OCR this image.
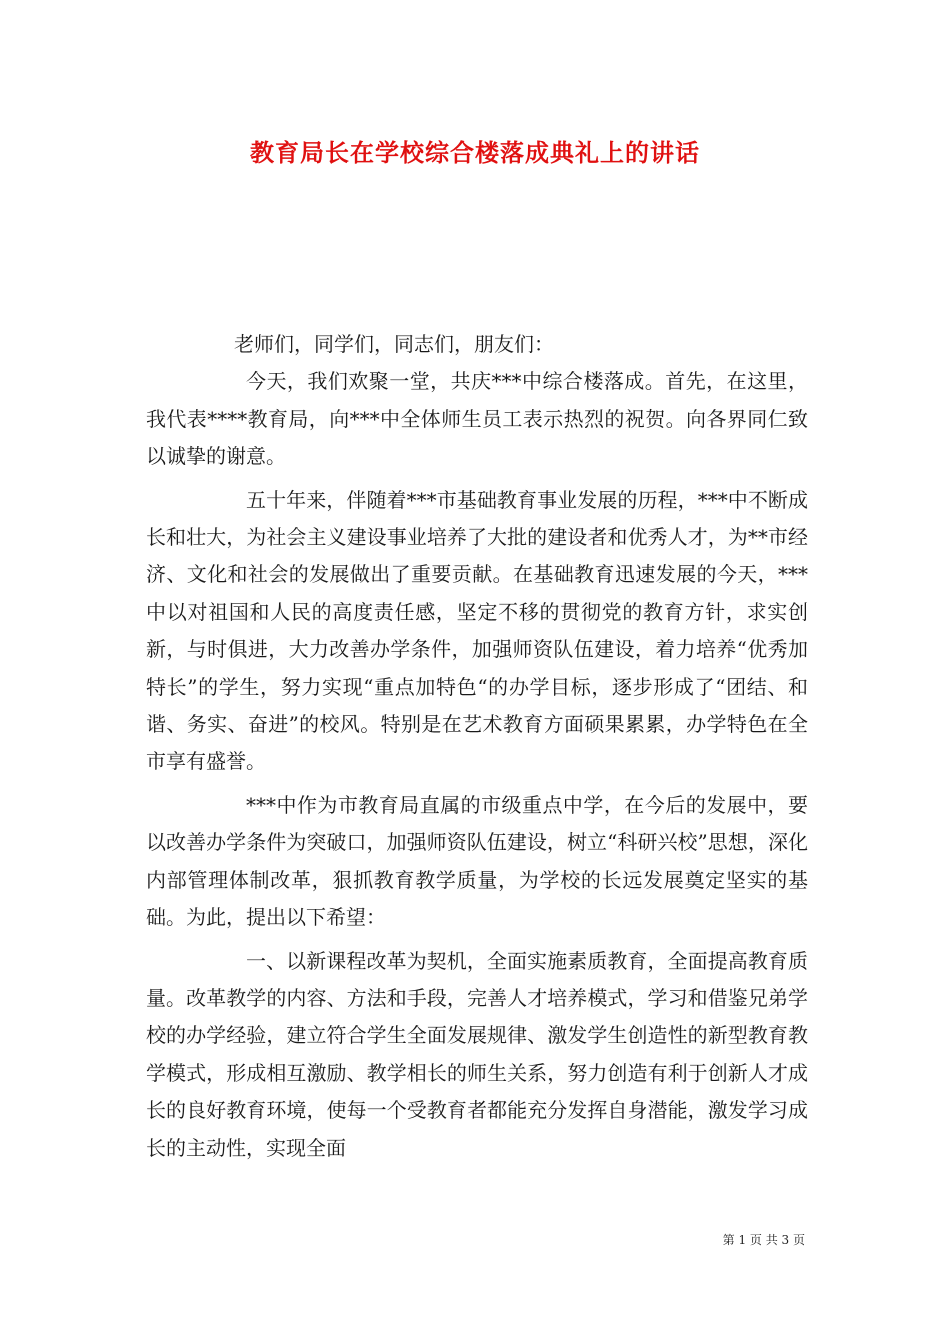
教育局长在学校综合楼落成典礼上的讲话

老师们，同学们，同志们，朋友们：

今天，我们欢聚一堂，共庆***中综合楼落成。首先，在这里，我代表****教育局，向***中全体师生员工表示热烈的祝贺。向各界同仁致以诚挚的谢意。

五十年来，伴随着***市基础教育事业发展的历程，***中不断成长和壮大，为社会主义建设事业培养了大批的建设者和优秀人才，为**市经济、文化和社会的发展做出了重要贡献。在基础教育迅速发展的今天，***中以对祖国和人民的高度责任感，坚定不移的贯彻党的教育方针，求实创新，与时俱进，大力改善办学条件，加强师资队伍建设，着力培养“优秀加特长”的学生，努力实现“重点加特色“的办学目标，逐步形成了“团结、和谐、务实、奋进”的校风。特别是在艺术教育方面硕果累累，办学特色在全市享有盛誉。

***中作为市教育局直属的市级重点中学，在今后的发展中，要以改善办学条件为突破口，加强师资队伍建设，树立“科研兴校”思想，深化内部管理体制改革，狠抓教育教学质量，为学校的长远发展奠定坚实的基础。为此，提出以下希望：

一、以新课程改革为契机，全面实施素质教育，全面提高教育质量。改革教学的内容、方法和手段，完善人才培养模式，学习和借鉴兄弟学校的办学经验，建立符合学生全面发展规律、激发学生创造性的新型教育教学模式，形成相互激励、教学相长的师生关系，努力创造有利于创新人才成长的良好教育环境，使每一个受教育者都能充分发挥自身潜能，激发学习成长的主动性，实现全面

第 1 页 共 3 页
